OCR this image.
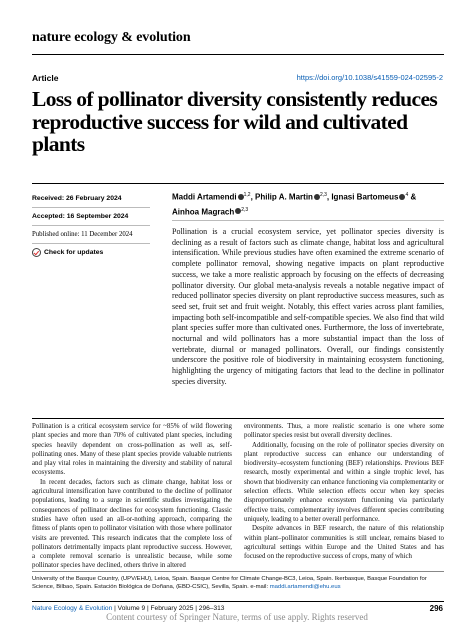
nature ecology & evolution
Article	https://doi.org/10.1038/s41559-024-02595-2
Loss of pollinator diversity consistently reduces reproductive success for wild and cultivated plants
Received: 26 February 2024
Accepted: 16 September 2024
Published online: 11 December 2024
Check for updates
Maddi Artamendi $^{1,2}$, Philip A. Martin $^{2,3}$, Ignasi Bartomeus $^4$ &
Ainhoa Magrach $^{2,3}$

Pollination is a crucial ecosystem service, yet pollinator species diversity is declining as a result of factors such as climate change, habitat loss and agricultural intensification. While previous studies have often examined the extreme scenario of complete pollinator removal, showing negative impacts on plant reproductive success, we take a more realistic approach by focusing on the effects of decreasing pollinator diversity. Our global meta-analysis reveals a notable negative impact of reduced pollinator species diversity on plant reproductive success measures, such as seed set, fruit set and fruit weight. Notably, this effect varies across plant families, impacting both self-incompatible and self-compatible species. We also find that wild plant species suffer more than cultivated ones. Furthermore, the loss of invertebrate, nocturnal and wild pollinators has a more substantial impact than the loss of vertebrate, diurnal or managed pollinators. Overall, our findings consistently underscore the positive role of biodiversity in maintaining ecosystem functioning, highlighting the urgency of mitigating factors that lead to the decline in pollinator species diversity.

Pollination is a critical ecosystem service for ~85% of wild flowering plant species and more than 70% of cultivated plant species, including species heavily dependent on cross-pollination as well as, self-pollinating ones. Many of these plant species provide valuable nutrients and play vital roles in maintaining the diversity and stability of natural ecosystems.

In recent decades, factors such as climate change, habitat loss or agricultural intensification have contributed to the decline of pollinator populations, leading to a surge in scientific studies investigating the consequences of pollinator declines for ecosystem functioning. Classic studies have often used an all-or-nothing approach, comparing the fitness of plants open to pollinator visitation with those where pollinator visits are prevented. This research indicates that the complete loss of pollinators detrimentally impacts plant reproductive success. However, a complete removal scenario is unrealistic because, while some pollinator species have declined, others thrive in altered

environments. Thus, a more realistic scenario is one where some pollinator species resist but overall diversity declines.

Additionally, focusing on the role of pollinator species diversity on plant reproductive success can enhance our understanding of biodiversity–ecosystem functioning (BEF) relationships. Previous BEF research, mostly experimental and within a single trophic level, has shown that biodiversity can enhance functioning via complementarity or selection effects. While selection effects occur when key species disproportionately enhance ecosystem functioning via particularly effective traits, complementarity involves different species contributing uniquely, leading to a better overall performance.

Despite advances in BEF research, the nature of this relationship within plant–pollinator communities is still unclear, remains biased to agricultural settings within Europe and the United States and has focused on the reproductive success of crops, many of which

University of the Basque Country, (UPV/EHU), Leioa, Spain. Basque Centre for Climate Change-BC3, Leioa, Spain. Ikerbasque, Basque Foundation for Science, Bilbao, Spain. Estación Biológica de Doñana, (EBD-CSIC), Sevilla, Spain. e-mail: maddi.artamendi@ehu.eus
Nature Ecology & Evolution | Volume 9 | February 2025 | 296–313	296
Content courtesy of Springer Nature, terms of use apply. Rights reserved
